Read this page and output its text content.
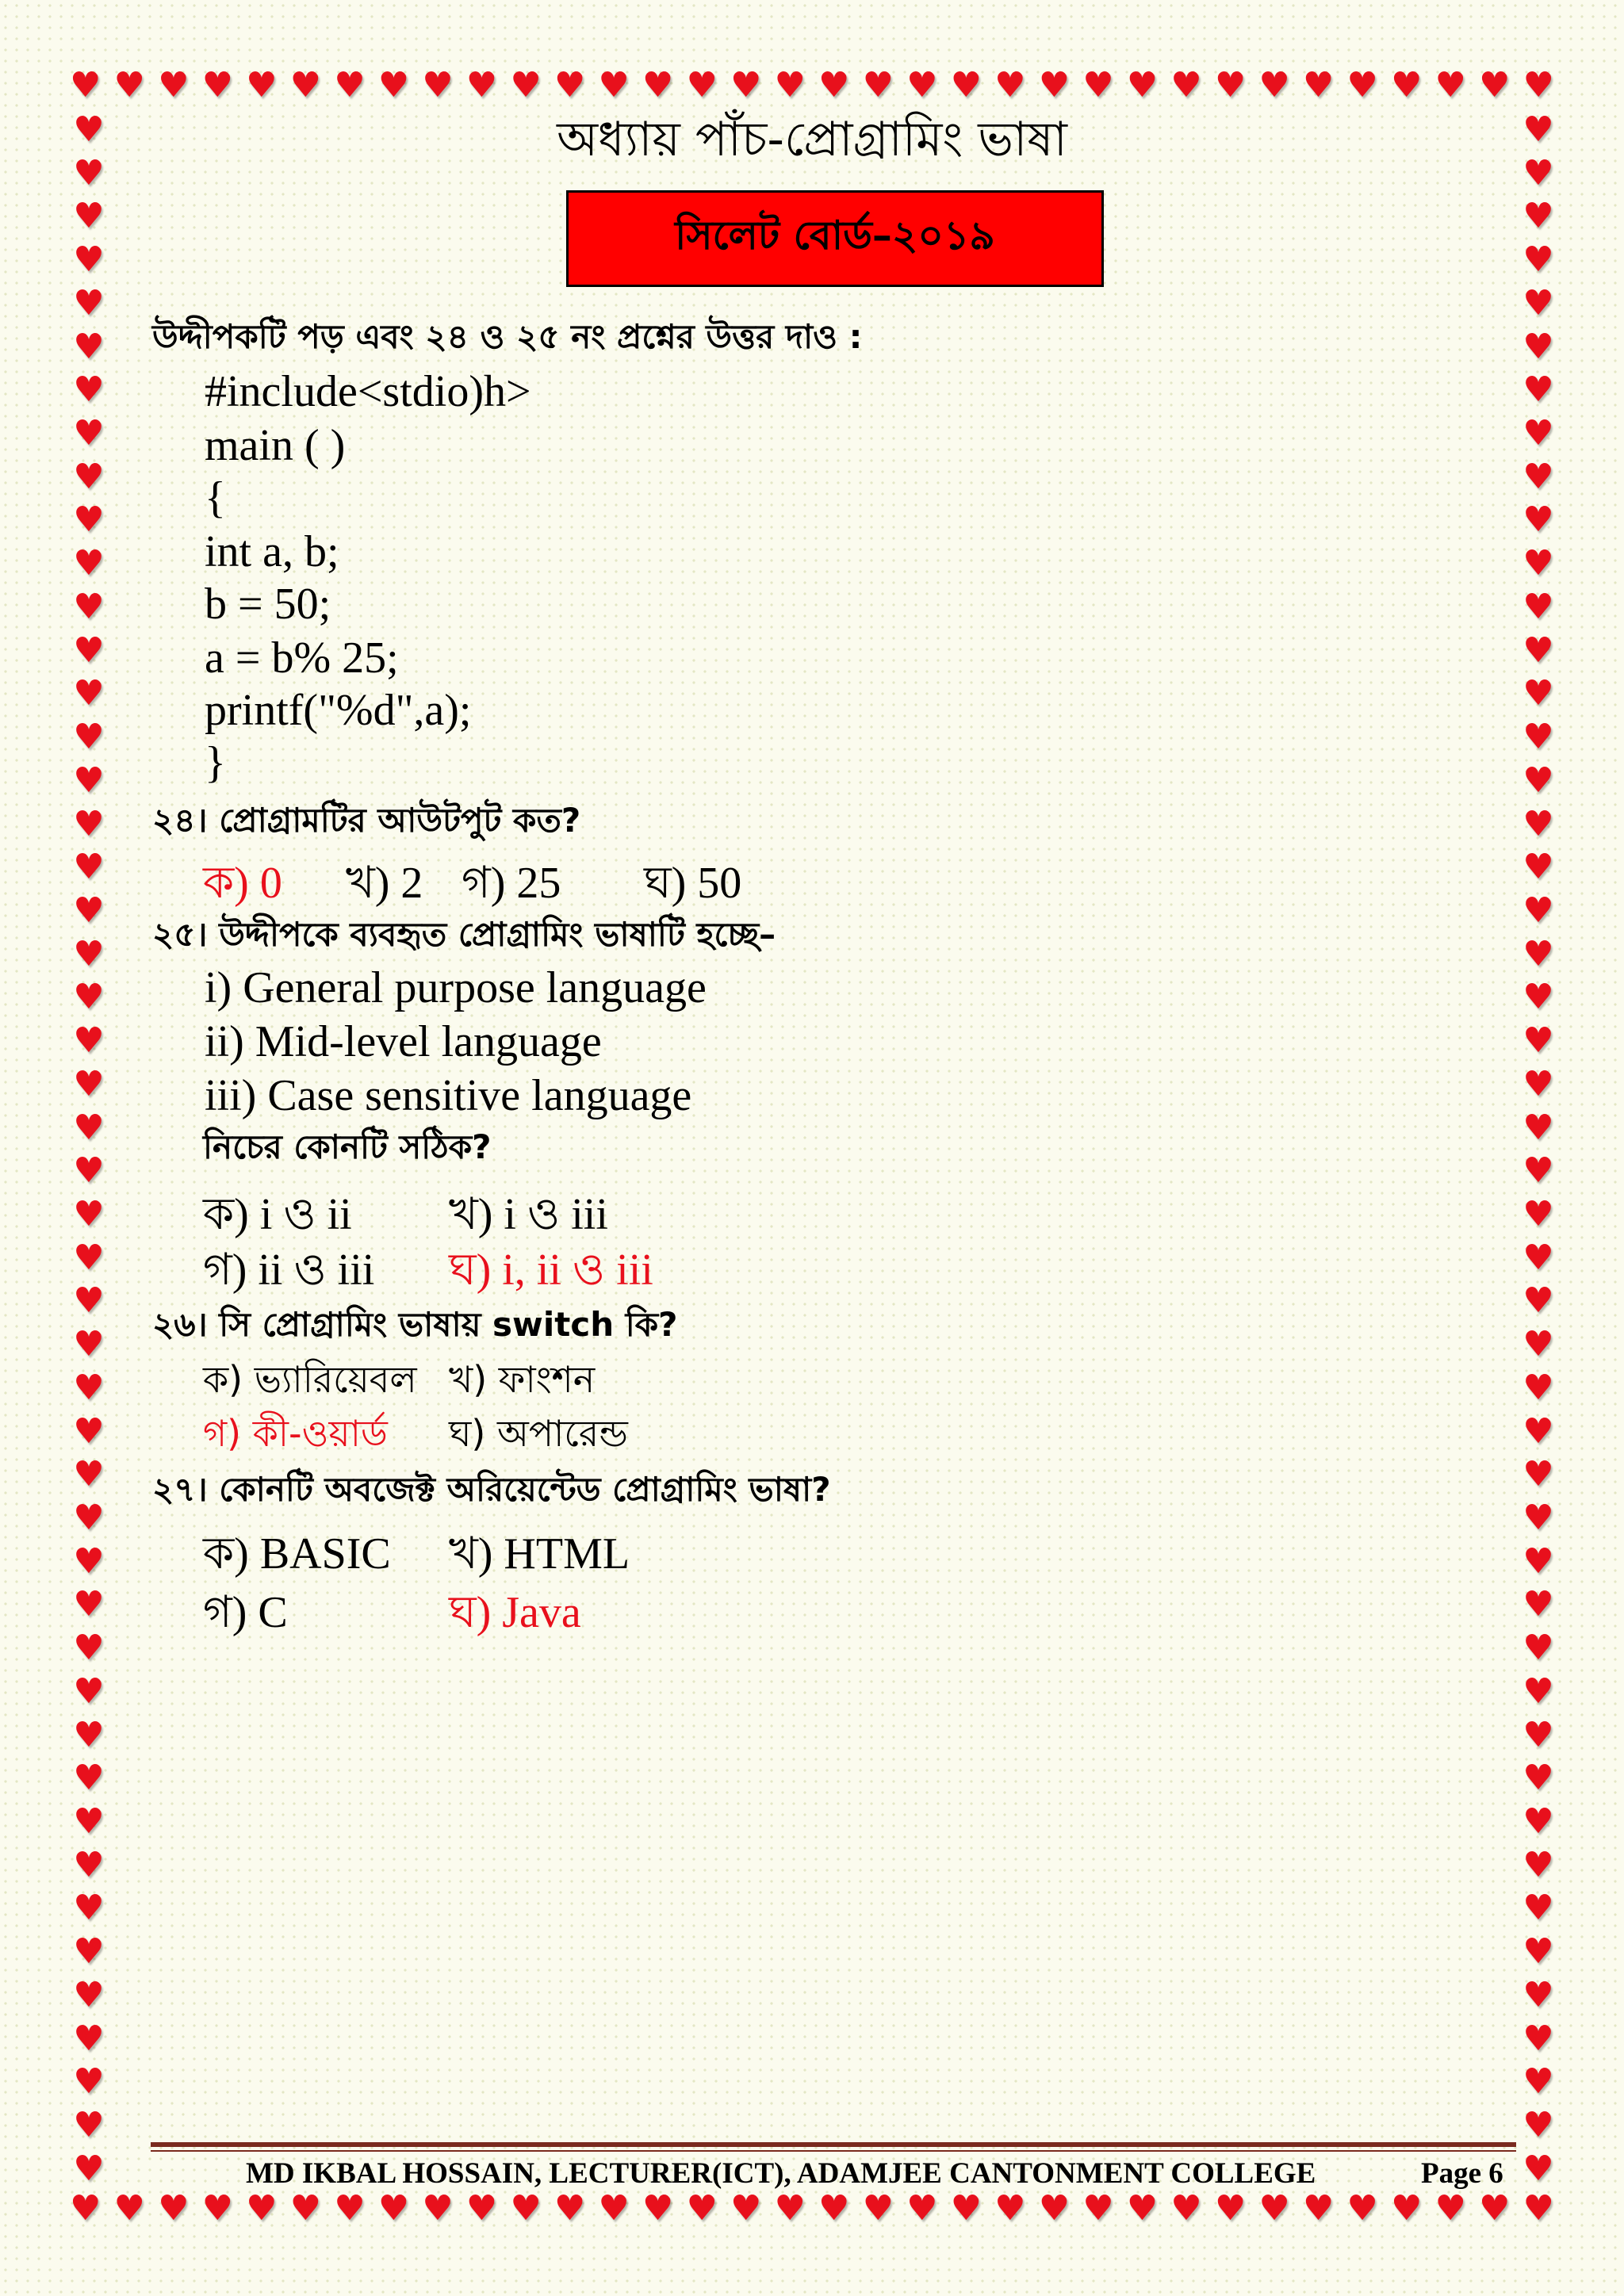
♥ ♥ ♥ ♥ ♥ ♥ ♥ ♥ ♥ ♥ ♥ ♥ ♥ ♥ ♥ ♥ ♥ ♥ ♥ ♥ ♥ ♥ ♥ ♥ ♥ ♥ ♥ ♥ ♥ ♥ ♥ ♥ ♥ ♥
♥ ♥ ♥ ♥ ♥ ♥ ♥ ♥ ♥ ♥ ♥ ♥ ♥ ♥ ♥ ♥ ♥ ♥ ♥ ♥ ♥ ♥ ♥ ♥ ♥ ♥ ♥ ♥ ♥ ♥ ♥ ♥ ♥ ♥
♥
♥
♥
♥
♥
♥
♥
♥
♥
♥
♥
♥
♥
♥
♥
♥
♥
♥
♥
♥
♥
♥
♥
♥
♥
♥
♥
♥
♥
♥
♥
♥
♥
♥
♥
♥
♥
♥
♥
♥
♥
♥
♥
♥
♥
♥
♥
♥
♥
♥
♥
♥
♥
♥
♥
♥
♥
♥
♥
♥
♥
♥
♥
♥
♥
♥
♥
♥
♥
♥
♥
♥
♥
♥
♥
♥
♥
♥
♥
♥
♥
♥
♥
♥
♥
♥
♥
♥
♥
♥
♥
♥
♥
♥
♥
♥
অধ্যায় পাঁচ-প্রোগ্রামিং ভাষা
সিলেট বোর্ড–২০১৯
উদ্দীপকটি পড় এবং ২৪ ও ২৫ নং প্রশ্নের উত্তর দাও :
#include<stdio)h>
main ( )
{
int a, b;
b = 50;
a = b% 25;
printf("%d",a);
}
২৪। প্রোগ্রামটির আউটপুট কত?
ক) 0 খ) 2 গ) 25 ঘ) 50
২৫। উদ্দীপকে ব্যবহৃত প্রোগ্রামিং ভাষাটি হচ্ছে–
i) General purpose language
ii) Mid-level language
iii) Case sensitive language
নিচের কোনটি সঠিক?
ক) i ও ii খ) i ও iii
গ) ii ও iii ঘ) i, ii ও iii
২৬। সি প্রোগ্রামিং ভাষায় switch কি?
ক) ভ্যারিয়েবল খ) ফাংশন
গ) কী-ওয়ার্ড ঘ) অপারেন্ড
২৭। কোনটি অবজেক্ট অরিয়েন্টেড প্রোগ্রামিং ভাষা?
ক) BASIC খ) HTML
গ) C	ঘ) Java
MD IKBAL HOSSAIN, LECTURER(ICT), ADAMJEE CANTONMENT COLLEGE	Page 6
